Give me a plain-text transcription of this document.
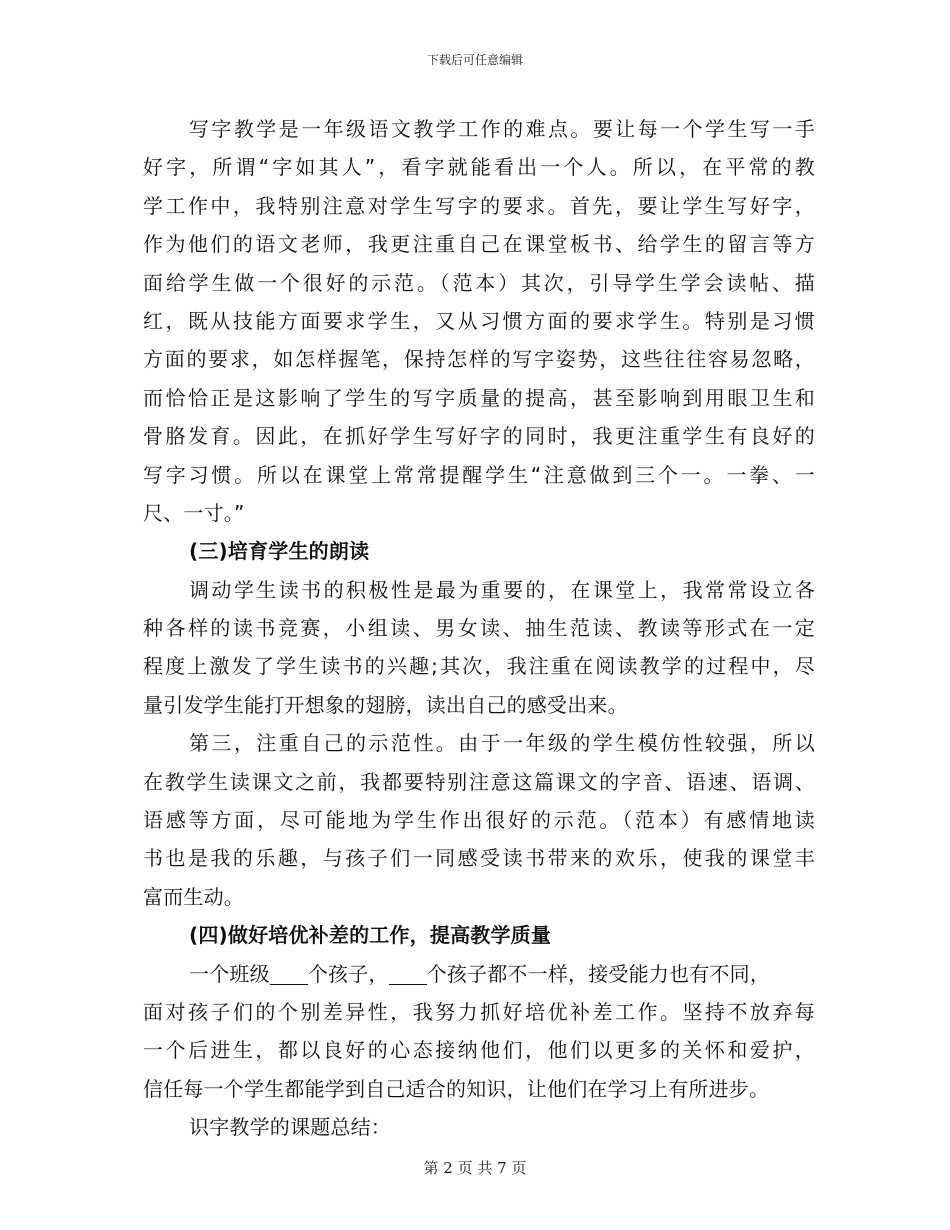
下载后可任意编辑
写字教学是一年级语文教学工作的难点。要让每一个学生写一手
好字，所谓“字如其人”，看字就能看出一个人。所以，在平常的教
学工作中，我特别注意对学生写字的要求。首先，要让学生写好字，
作为他们的语文老师，我更注重自己在课堂板书、给学生的留言等方
面给学生做一个很好的示范。（范本）其次，引导学生学会读帖、描
红，既从技能方面要求学生，又从习惯方面的要求学生。特别是习惯
方面的要求，如怎样握笔，保持怎样的写字姿势，这些往往容易忽略，
而恰恰正是这影响了学生的写字质量的提高，甚至影响到用眼卫生和
骨胳发育。因此，在抓好学生写好字的同时，我更注重学生有良好的
写字习惯。所以在课堂上常常提醒学生“注意做到三个一。一拳、一
尺、一寸。”
(三)培育学生的朗读
调动学生读书的积极性是最为重要的，在课堂上，我常常设立各
种各样的读书竞赛，小组读、男女读、抽生范读、教读等形式在一定
程度上激发了学生读书的兴趣;其次，我注重在阅读教学的过程中，尽
量引发学生能打开想象的翅膀，读出自己的感受出来。
第三，注重自己的示范性。由于一年级的学生模仿性较强，所以
在教学生读课文之前，我都要特别注意这篇课文的字音、语速、语调、
语感等方面，尽可能地为学生作出很好的示范。（范本）有感情地读
书也是我的乐趣，与孩子们一同感受读书带来的欢乐，使我的课堂丰
富而生动。
(四)做好培优补差的工作，提高教学质量
一个班级 个孩子， 个孩子都不一样，接受能力也有不同，
面对孩子们的个别差异性，我努力抓好培优补差工作。坚持不放弃每
一个后进生，都以良好的心态接纳他们，他们以更多的关怀和爱护，
信任每一个学生都能学到自己适合的知识，让他们在学习上有所进步。
识字教学的课题总结：
第 2 页 共 7 页
